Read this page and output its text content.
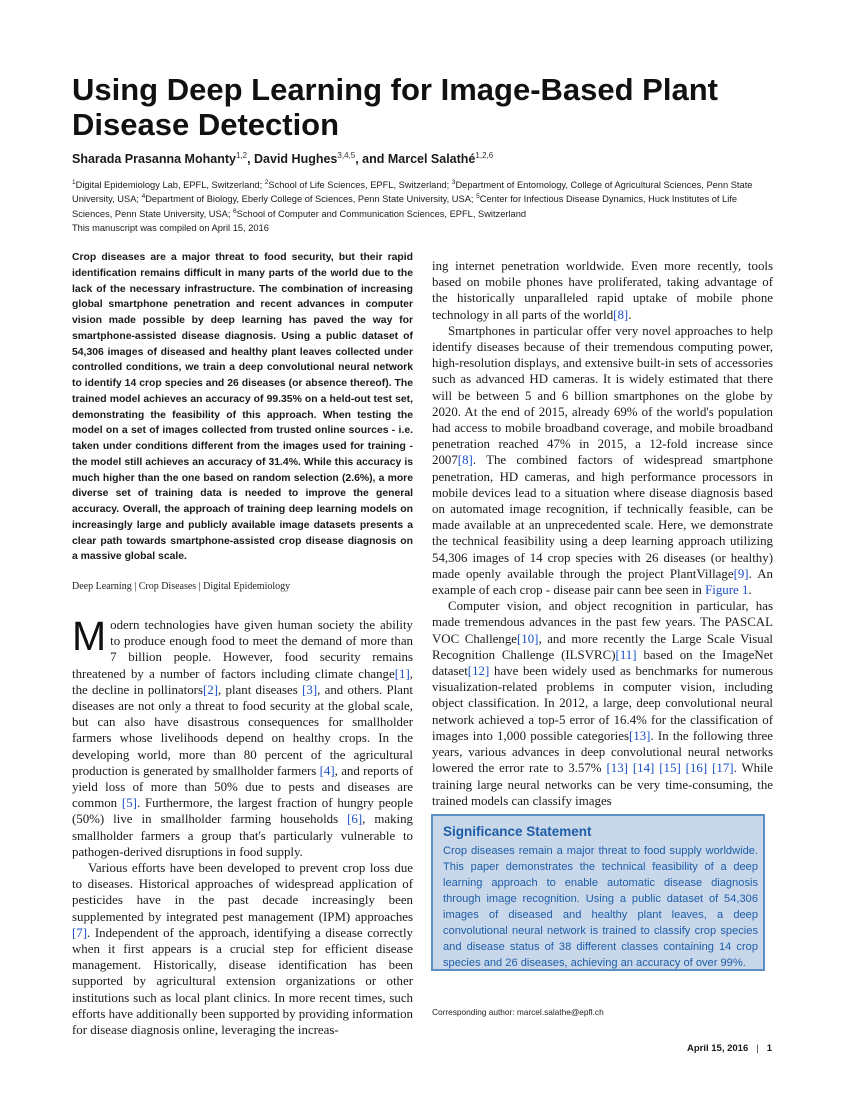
Using Deep Learning for Image-Based Plant Disease Detection
Sharada Prasanna Mohanty$^{1,2}$, David Hughes$^{3,4,5}$, and Marcel Salathé$^{1,2,6}$
$^1$Digital Epidemiology Lab, EPFL, Switzerland; $^2$School of Life Sciences, EPFL, Switzerland; $^3$Department of Entomology, College of Agricultural Sciences, Penn State University, USA; $^4$Department of Biology, Eberly College of Sciences, Penn State University, USA; $^5$Center for Infectious Disease Dynamics, Huck Institutes of Life Sciences, Penn State University, USA; $^6$School of Computer and Communication Sciences, EPFL, Switzerland
This manuscript was compiled on April 15, 2016
Crop diseases are a major threat to food security, but their rapid identification remains difficult in many parts of the world due to the lack of the necessary infrastructure. The combination of increasing global smartphone penetration and recent advances in computer vision made possible by deep learning has paved the way for smartphone-assisted disease diagnosis. Using a public dataset of 54,306 images of diseased and healthy plant leaves collected under controlled conditions, we train a deep convolutional neural network to identify 14 crop species and 26 diseases (or absence thereof). The trained model achieves an accuracy of 99.35% on a held-out test set, demonstrating the feasibility of this approach. When testing the model on a set of images collected from trusted online sources - i.e. taken under conditions different from the images used for training - the model still achieves an accuracy of 31.4%. While this accuracy is much higher than the one based on random selection (2.6%), a more diverse set of training data is needed to improve the general accuracy. Overall, the approach of training deep learning models on increasingly large and publicly available image datasets presents a clear path towards smartphone-assisted crop disease diagnosis on a massive global scale.
Deep Learning | Crop Diseases | Digital Epidemiology

Modern technologies have given human society the ability to produce enough food to meet the demand of more than 7 billion people. However, food security remains threatened by a number of factors including climate change[1], the decline in pollinators[2], plant diseases [3], and others. Plant diseases are not only a threat to food security at the global scale, but can also have disastrous consequences for smallholder farmers whose livelihoods depend on healthy crops. In the developing world, more than 80 percent of the agricultural production is generated by smallholder farmers [4], and reports of yield loss of more than 50% due to pests and diseases are common [5]. Furthermore, the largest fraction of hungry people (50%) live in smallholder farming households [6], making smallholder farmers a group that's particularly vulnerable to pathogen-derived disruptions in food supply.

Various efforts have been developed to prevent crop loss due to diseases. Historical approaches of widespread application of pesticides have in the past decade increasingly been supplemented by integrated pest management (IPM) approaches [7]. Independent of the approach, identifying a disease correctly when it first appears is a crucial step for efficient disease management. Historically, disease identification has been supported by agricultural extension organizations or other institutions such as local plant clinics. In more recent times, such efforts have additionally been supported by providing information for disease diagnosis online, leveraging the increas-

ing internet penetration worldwide. Even more recently, tools based on mobile phones have proliferated, taking advantage of the historically unparalleled rapid uptake of mobile phone technology in all parts of the world[8].

Smartphones in particular offer very novel approaches to help identify diseases because of their tremendous computing power, high-resolution displays, and extensive built-in sets of accessories such as advanced HD cameras. It is widely estimated that there will be between 5 and 6 billion smartphones on the globe by 2020. At the end of 2015, already 69% of the world's population had access to mobile broadband coverage, and mobile broadband penetration reached 47% in 2015, a 12-fold increase since 2007[8]. The combined factors of widespread smartphone penetration, HD cameras, and high performance processors in mobile devices lead to a situation where disease diagnosis based on automated image recognition, if technically feasible, can be made available at an unprecedented scale. Here, we demonstrate the technical feasibility using a deep learning approach utilizing 54,306 images of 14 crop species with 26 diseases (or healthy) made openly available through the project PlantVillage[9]. An example of each crop - disease pair cann bee seen in Figure 1.

Computer vision, and object recognition in particular, has made tremendous advances in the past few years. The PASCAL VOC Challenge[10], and more recently the Large Scale Visual Recognition Challenge (ILSVRC)[11] based on the ImageNet dataset[12] have been widely used as benchmarks for numerous visualization-related problems in computer vision, including object classification. In 2012, a large, deep convolutional neural network achieved a top-5 error of 16.4% for the classification of images into 1,000 possible categories[13]. In the following three years, various advances in deep convolutional neural networks lowered the error rate to 3.57% [13] [14] [15] [16] [17]. While training large neural networks can be very time-consuming, the trained models can classify images

Significance Statement
Crop diseases remain a major threat to food supply worldwide. This paper demonstrates the technical feasibility of a deep learning approach to enable automatic disease diagnosis through image recognition. Using a public dataset of 54,306 images of diseased and healthy plant leaves, a deep convolutional neural network is trained to classify crop species and disease status of 38 different classes containing 14 crop species and 26 diseases, achieving an accuracy of over 99%.
Corresponding author: marcel.salathe@epfl.ch
April 15, 2016 | 1
